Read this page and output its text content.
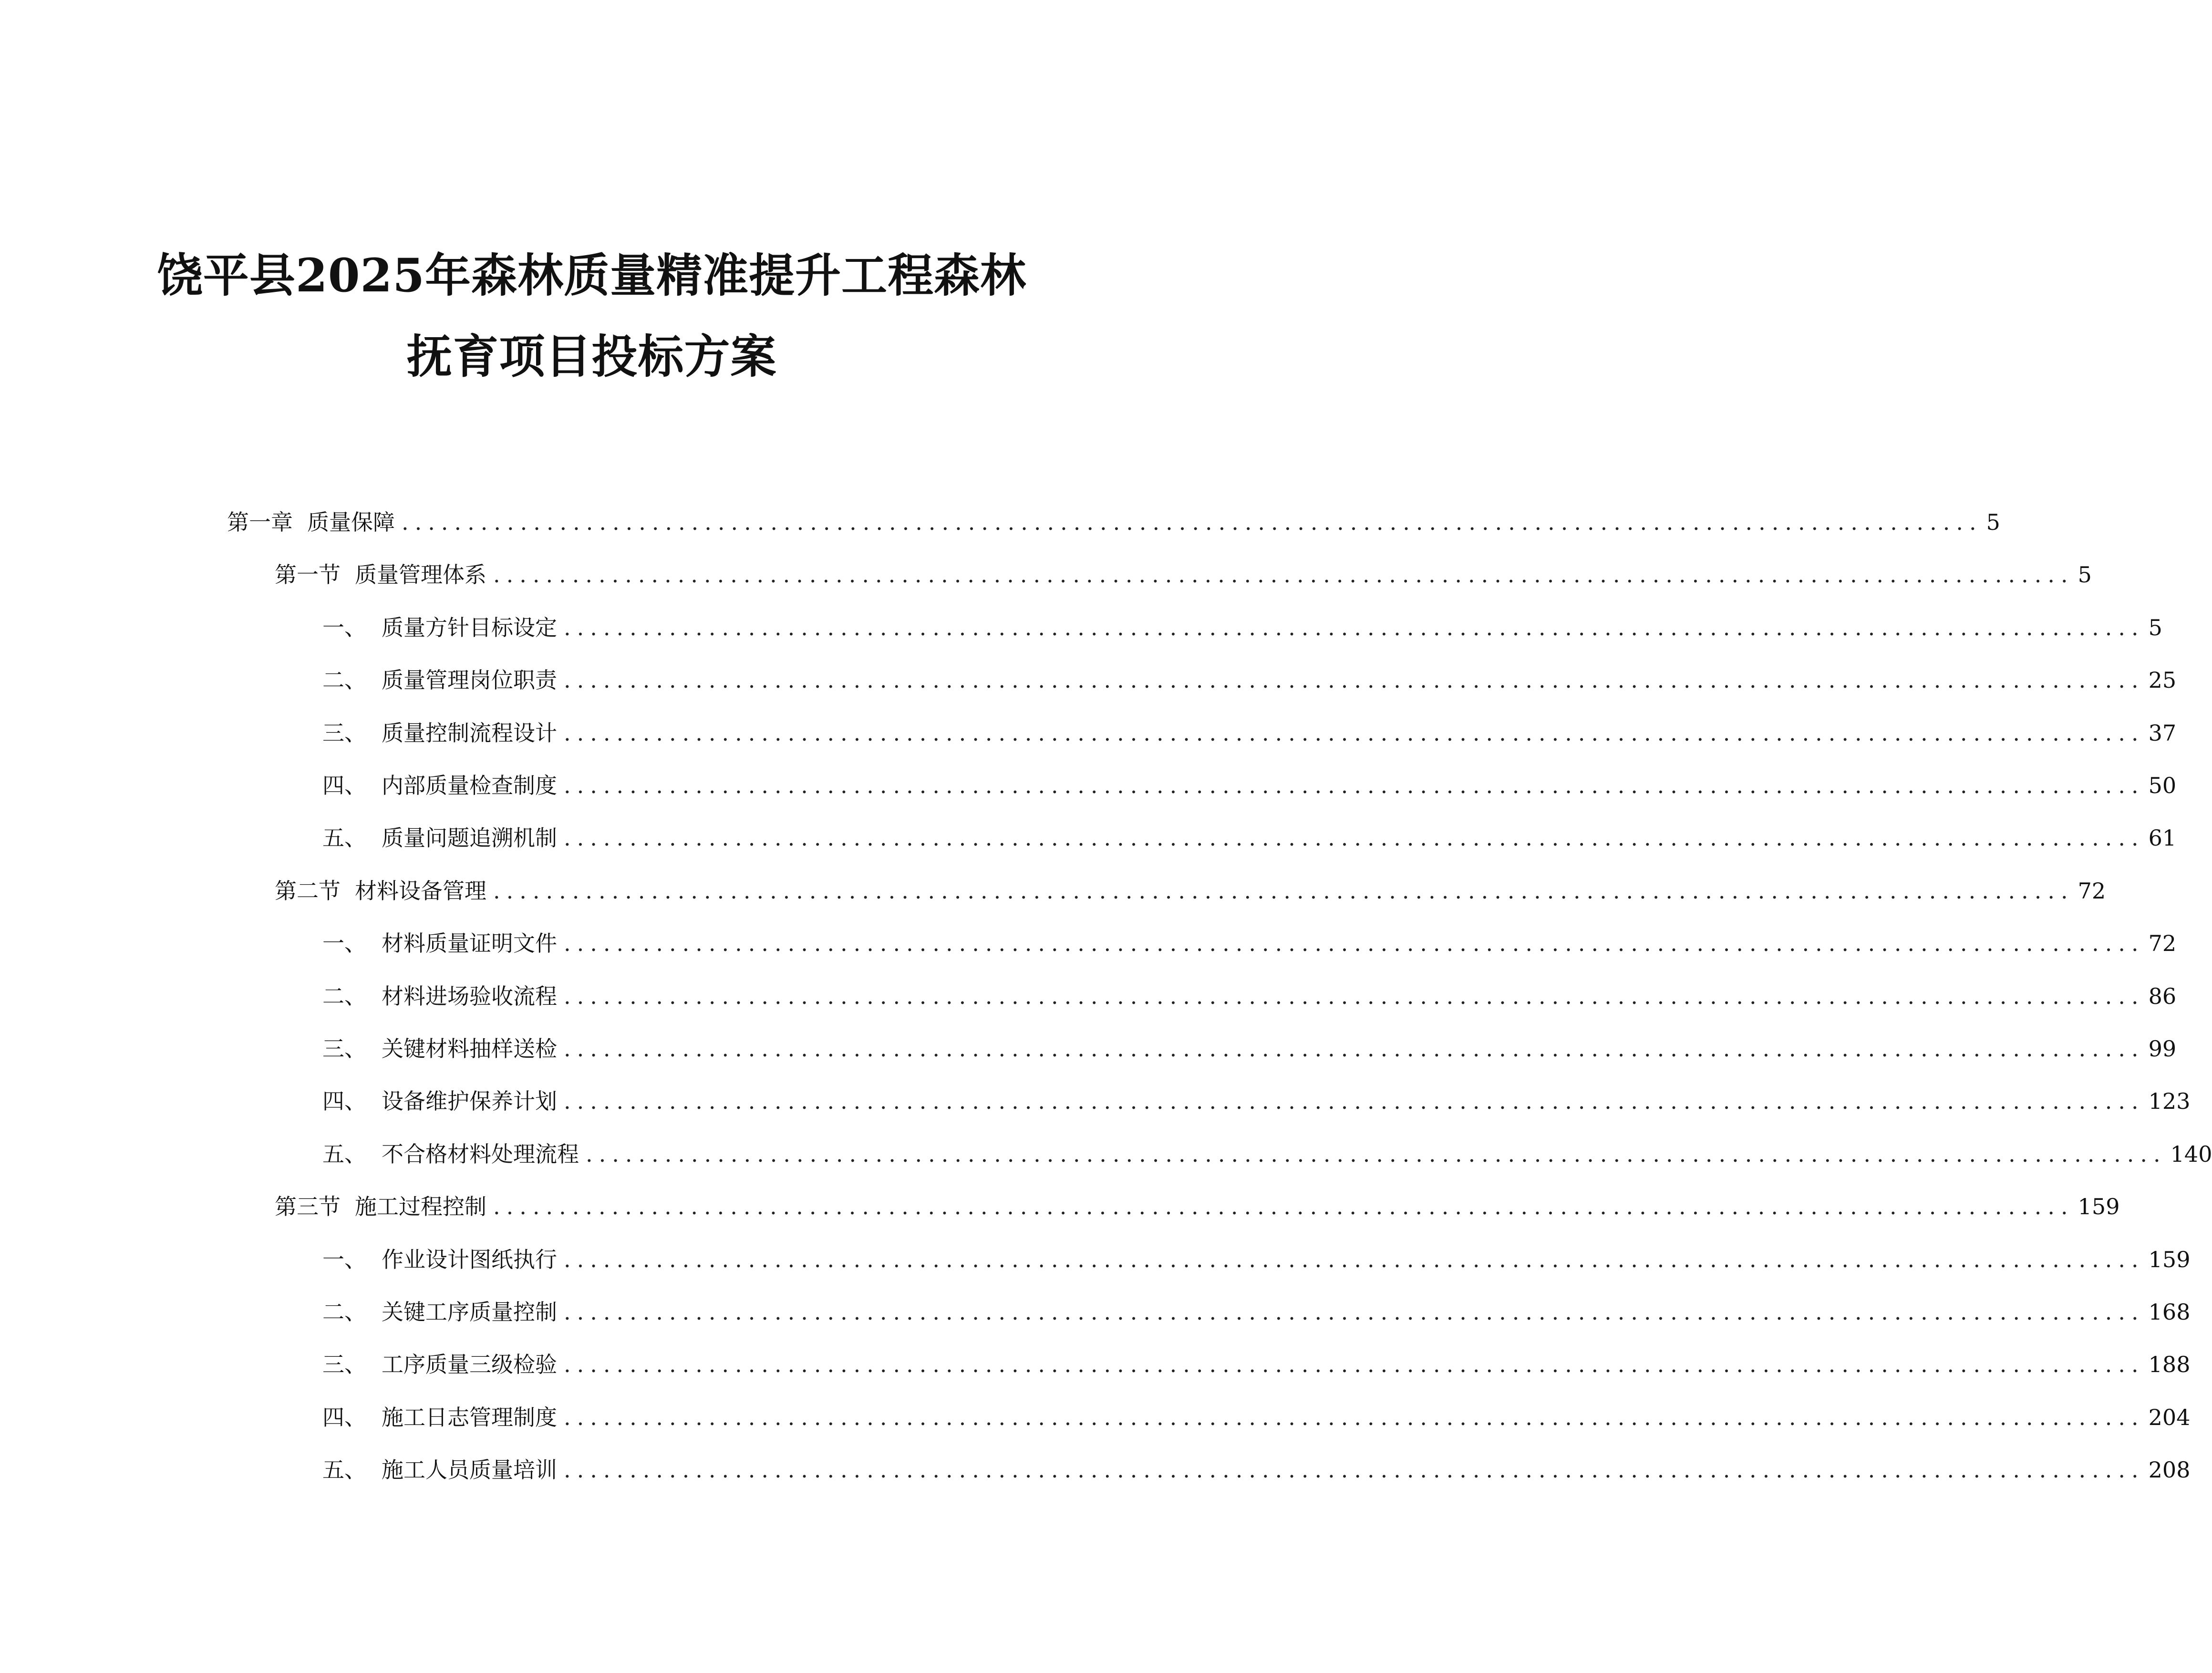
饶平县2025年森林质量精准提升工程森林
抚育项目投标方案
第一章 质量保障 ........................................................................................................................ 5
第一节 质量管理体系 ........................................................................................................................ 5
一、 质量方针目标设定 ........................................................................................................................ 5
二、 质量管理岗位职责 ........................................................................................................................ 25
三、 质量控制流程设计 ........................................................................................................................ 37
四、 内部质量检查制度 ........................................................................................................................ 50
五、 质量问题追溯机制 ........................................................................................................................ 61
第二节 材料设备管理 ........................................................................................................................ 72
一、 材料质量证明文件 ........................................................................................................................ 72
二、 材料进场验收流程 ........................................................................................................................ 86
三、 关键材料抽样送检 ........................................................................................................................ 99
四、 设备维护保养计划 ........................................................................................................................ 123
五、 不合格材料处理流程 ........................................................................................................................ 140
第三节 施工过程控制 ........................................................................................................................ 159
一、 作业设计图纸执行 ........................................................................................................................ 159
二、 关键工序质量控制 ........................................................................................................................ 168
三、 工序质量三级检验 ........................................................................................................................ 188
四、 施工日志管理制度 ........................................................................................................................ 204
五、 施工人员质量培训 ........................................................................................................................ 208
